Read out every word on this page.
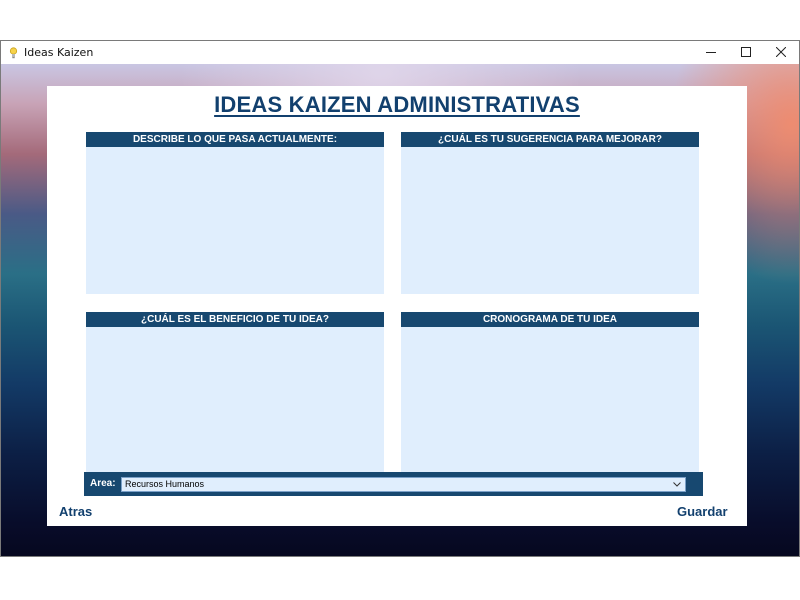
Ideas Kaizen
IDEAS KAIZEN ADMINISTRATIVAS
DESCRIBE LO QUE PASA ACTUALMENTE:	¿CUÁL ES TU SUGERENCIA PARA MEJORAR?
¿CUÁL ES EL BENEFICIO DE TU IDEA?	CRONOGRAMA DE TU IDEA
Area: Recursos Humanos
Atras	Guardar
